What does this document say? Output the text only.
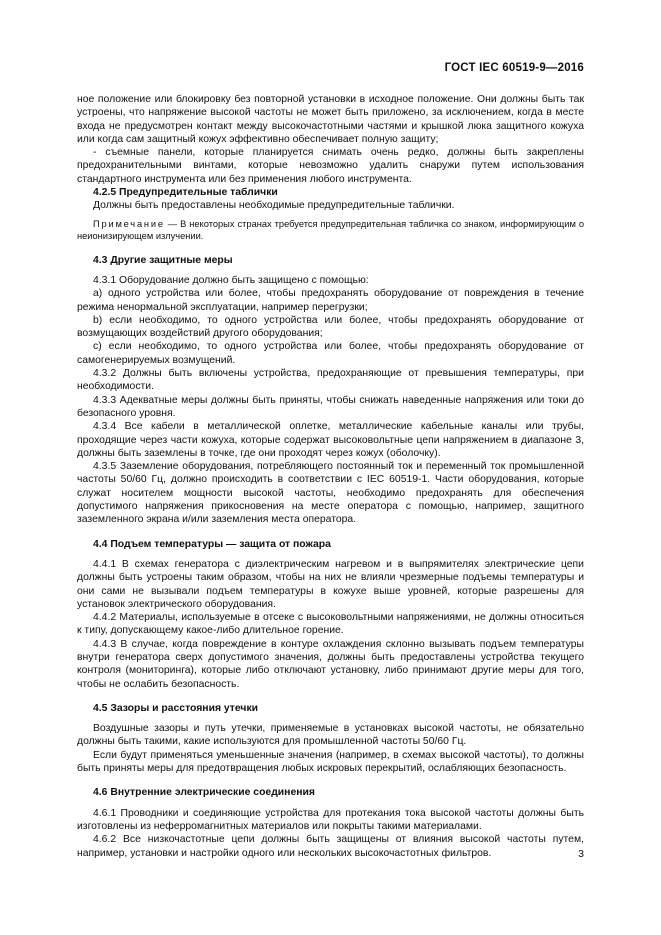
ГОСТ IEC 60519-9—2016

ное положение или блокировку без повторной установки в исходное положение. Они должны быть так устроены, что напряжение высокой частоты не может быть приложено, за исключением, когда в месте входа не предусмотрен контакт между высокочастотными частями и крышкой люка защитного кожуха или когда сам защитный кожух эффективно обеспечивает полную защиту;

- съемные панели, которые планируется снимать очень редко, должны быть закреплены предохранительными винтами, которые невозможно удалить снаружи путем использования стандартного инструмента или без применения любого инструмента.

4.2.5 Предупредительные таблички

Должны быть предоставлены необходимые предупредительные таблички.

Примечание — В некоторых странах требуется предупредительная табличка со знаком, информирующим о неионизирующем излучении.

4.3 Другие защитные меры

4.3.1 Оборудование должно быть защищено с помощью:

a) одного устройства или более, чтобы предохранять оборудование от повреждения в течение режима ненормальной эксплуатации, например перегрузки;

b) если необходимо, то одного устройства или более, чтобы предохранять оборудование от возмущающих воздействий другого оборудования;

c) если необходимо, то одного устройства или более, чтобы предохранять оборудование от самогенерируемых возмущений.

4.3.2 Должны быть включены устройства, предохраняющие от превышения температуры, при необходимости.

4.3.3 Адекватные меры должны быть приняты, чтобы снижать наведенные напряжения или токи до безопасного уровня.

4.3.4 Все кабели в металлической оплетке, металлические кабельные каналы или трубы, проходящие через части кожуха, которые содержат высоковольтные цепи напряжением в диапазоне 3, должны быть заземлены в точке, где они проходят через кожух (оболочку).

4.3.5 Заземление оборудования, потребляющего постоянный ток и переменный ток промышленной частоты 50/60 Гц, должно происходить в соответствии с IEC 60519-1. Части оборудования, которые служат носителем мощности высокой частоты, необходимо предохранять для обеспечения допустимого напряжения прикосновения на месте оператора с помощью, например, защитного заземленного экрана и/или заземления места оператора.

4.4 Подъем температуры — защита от пожара

4.4.1 В схемах генератора с диэлектрическим нагревом и в выпрямителях электрические цепи должны быть устроены таким образом, чтобы на них не влияли чрезмерные подъемы температуры и они сами не вызывали подъем температуры в кожухе выше уровней, которые разрешены для установок электрического оборудования.

4.4.2 Материалы, используемые в отсеке с высоковольтными напряжениями, не должны относиться к типу, допускающему какое-либо длительное горение.

4.4.3 В случае, когда повреждение в контуре охлаждения склонно вызывать подъем температуры внутри генератора сверх допустимого значения, должны быть предоставлены устройства текущего контроля (мониторинга), которые либо отключают установку, либо принимают другие меры для того, чтобы не ослабить безопасность.

4.5 Зазоры и расстояния утечки

Воздушные зазоры и путь утечки, применяемые в установках высокой частоты, не обязательно должны быть такими, какие используются для промышленной частоты 50/60 Гц.

Если будут применяться уменьшенные значения (например, в схемах высокой частоты), то должны быть приняты меры для предотвращения любых искровых перекрытий, ослабляющих безопасность.

4.6 Внутренние электрические соединения

4.6.1 Проводники и соединяющие устройства для протекания тока высокой частоты должны быть изготовлены из неферромагнитных материалов или покрыты такими материалами.

4.6.2 Все низкочастотные цепи должны быть защищены от влияния высокой частоты путем, например, установки и настройки одного или нескольких высокочастотных фильтров.	3
